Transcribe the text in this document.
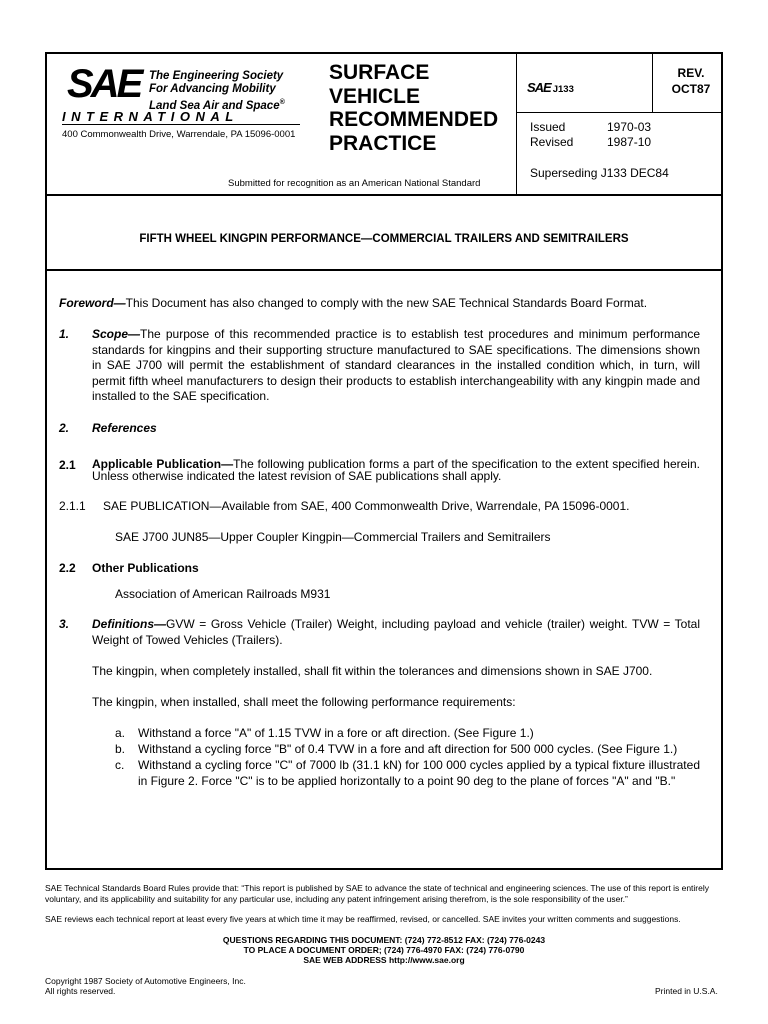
SAE The Engineering Society
For Advancing Mobility
Land Sea Air and Space®
INTERNATIONAL
400 Commonwealth Drive, Warrendale, PA 15096-0001
SURFACE
VEHICLE
RECOMMENDED
PRACTICE
Submitted for recognition as an American National Standard
SAE J133
REV.
OCT87
Issued	1970-03
Revised	1987-10
Superseding J133 DEC84
FIFTH WHEEL KINGPIN PERFORMANCE—COMMERCIAL TRAILERS AND SEMITRAILERS
Foreword—This Document has also changed to comply with the new SAE Technical Standards Board Format.
1. Scope—The purpose of this recommended practice is to establish test procedures and minimum performance standards for kingpins and their supporting structure manufactured to SAE specifications. The dimensions shown in SAE J700 will permit the establishment of standard clearances in the installed condition which, in turn, will permit fifth wheel manufacturers to design their products to establish interchangeability with any kingpin made and installed to the SAE specification.
2. References
2.1 Applicable Publication—The following publication forms a part of the specification to the extent specified herein. Unless otherwise indicated the latest revision of SAE publications shall apply.
2.1.1 SAE PUBLICATION—Available from SAE, 400 Commonwealth Drive, Warrendale, PA 15096-0001.
SAE J700 JUN85—Upper Coupler Kingpin—Commercial Trailers and Semitrailers
2.2 Other Publications
Association of American Railroads M931
3. Definitions—GVW = Gross Vehicle (Trailer) Weight, including payload and vehicle (trailer) weight. TVW = Total Weight of Towed Vehicles (Trailers).
The kingpin, when completely installed, shall fit within the tolerances and dimensions shown in SAE J700.
The kingpin, when installed, shall meet the following performance requirements:
a. Withstand a force "A" of 1.15 TVW in a fore or aft direction. (See Figure 1.)
b. Withstand a cycling force "B" of 0.4 TVW in a fore and aft direction for 500 000 cycles. (See Figure 1.)
c. Withstand a cycling force "C" of 7000 lb (31.1 kN) for 100 000 cycles applied by a typical fixture illustrated in Figure 2. Force "C" is to be applied horizontally to a point 90 deg to the plane of forces "A" and "B."
SAE Technical Standards Board Rules provide that: “This report is published by SAE to advance the state of technical and engineering sciences. The use of this report is entirely voluntary, and its applicability and suitability for any particular use, including any patent infringement arising therefrom, is the sole responsibility of the user.”
SAE reviews each technical report at least every five years at which time it may be reaffirmed, revised, or cancelled. SAE invites your written comments and suggestions.
QUESTIONS REGARDING THIS DOCUMENT: (724) 772-8512 FAX: (724) 776-0243
TO PLACE A DOCUMENT ORDER; (724) 776-4970 FAX: (724) 776-0790
SAE WEB ADDRESS http://www.sae.org
Copyright 1987 Society of Automotive Engineers, Inc.
All rights reserved.	Printed in U.S.A.
